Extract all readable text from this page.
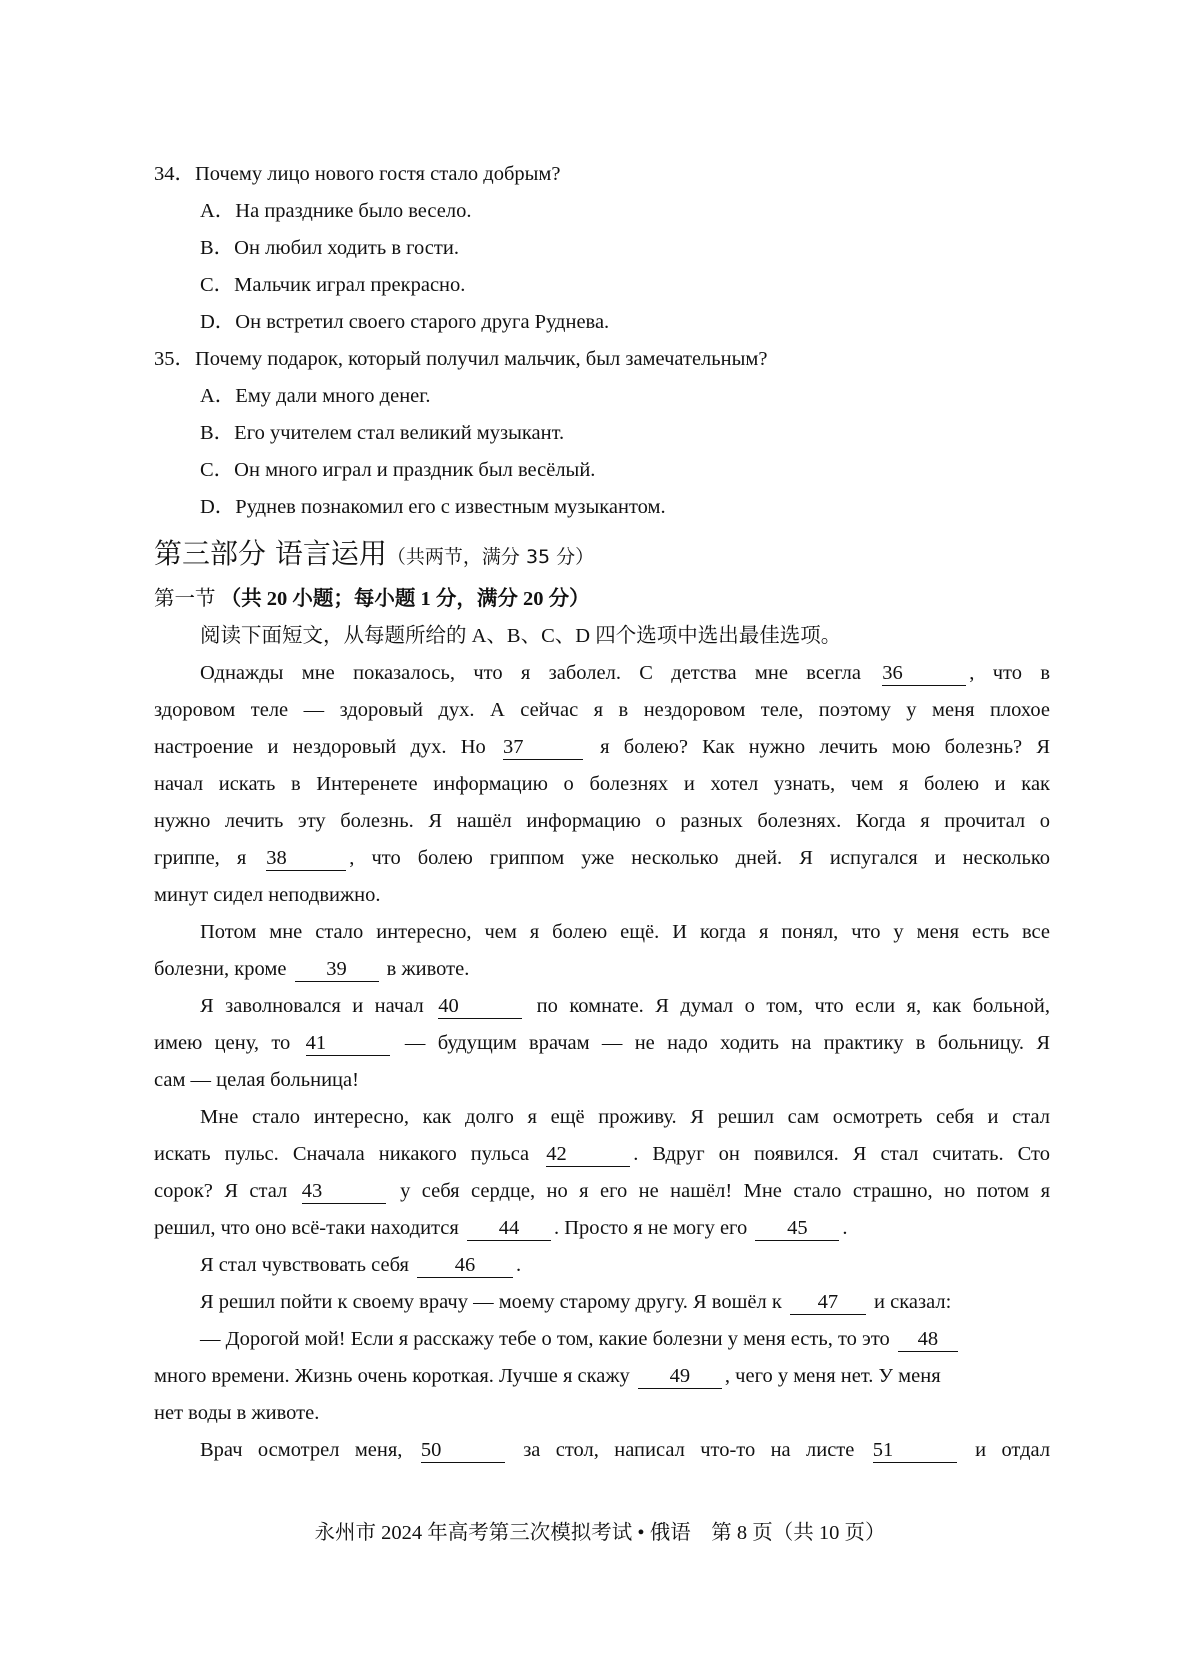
34．Почему лицо нового гостя стало добрым?
A．На празднике было весело.
B．Он любил ходить в гости.
C．Мальчик играл прекрасно.
D．Он встретил своего старого друга Руднева.
35．Почему подарок, который получил мальчик, был замечательным?
A．Ему дали много денег.
B．Его учителем стал великий музыкант.
C．Он много играл и праздник был весёлый.
D．Руднев познакомил его с известным музыкантом.
第三部分 语言运用（共两节，满分 35 分）
第一节 （共 20 小题；每小题 1 分，满分 20 分）
阅读下面短文，从每题所给的 A、B、C、D 四个选项中选出最佳选项。
Однажды мне показалось, что я заболел. С детства мне всегла 36	, что в
здоровом теле — здоровый дух. А сейчас я в нездоровом теле, поэтому у меня плохое
настроение и нездоровый дух. Но 37	я болею? Как нужно лечить мою болезнь? Я
начал искать в Интеренете информацию о болезнях и хотел узнать, чем я болею и как
нужно лечить эту болезнь. Я нашёл информацию о разных болезнях. Когда я прочитал о
гриппе, я 38	, что болею гриппом уже несколько дней. Я испугался и несколько
минут сидел неподвижно.
Потом мне стало интересно, чем я болею ещё. И когда я понял, что у меня есть все
болезни, кроме 39 в животе.
Я заволновался и начал 40	по комнате. Я думал о том, что если я, как больной,
имею цену, то 41	— будущим врачам — не надо ходить на практику в больницу. Я
сам — целая больница!
Мне стало интересно, как долго я ещё проживу. Я решил сам осмотреть себя и стал
искать пульс. Сначала никакого пульса 42	. Вдруг он появился. Я стал считать. Сто
сорок? Я стал 43	у себя сердце, но я его не нашёл! Мне стало страшно, но потом я
решил, что оно всё-таки находится 44 . Просто я не могу его 45 .
Я стал чувствовать себя 46 .
Я решил пойти к своему врачу — моему старому другу. Я вошёл к 47 и сказал:
— Дорогой мой! Если я расскажу тебе о том, какие болезни у меня есть, то это 48
много времени. Жизнь очень короткая. Лучше я скажу 49 , чего у меня нет. У меня
нет воды в животе.
Врач осмотрел меня, 50	за стол, написал что-то на листе 51	и отдал
永州市 2024 年高考第三次模拟考试 • 俄语　第 8 页（共 10 页）
